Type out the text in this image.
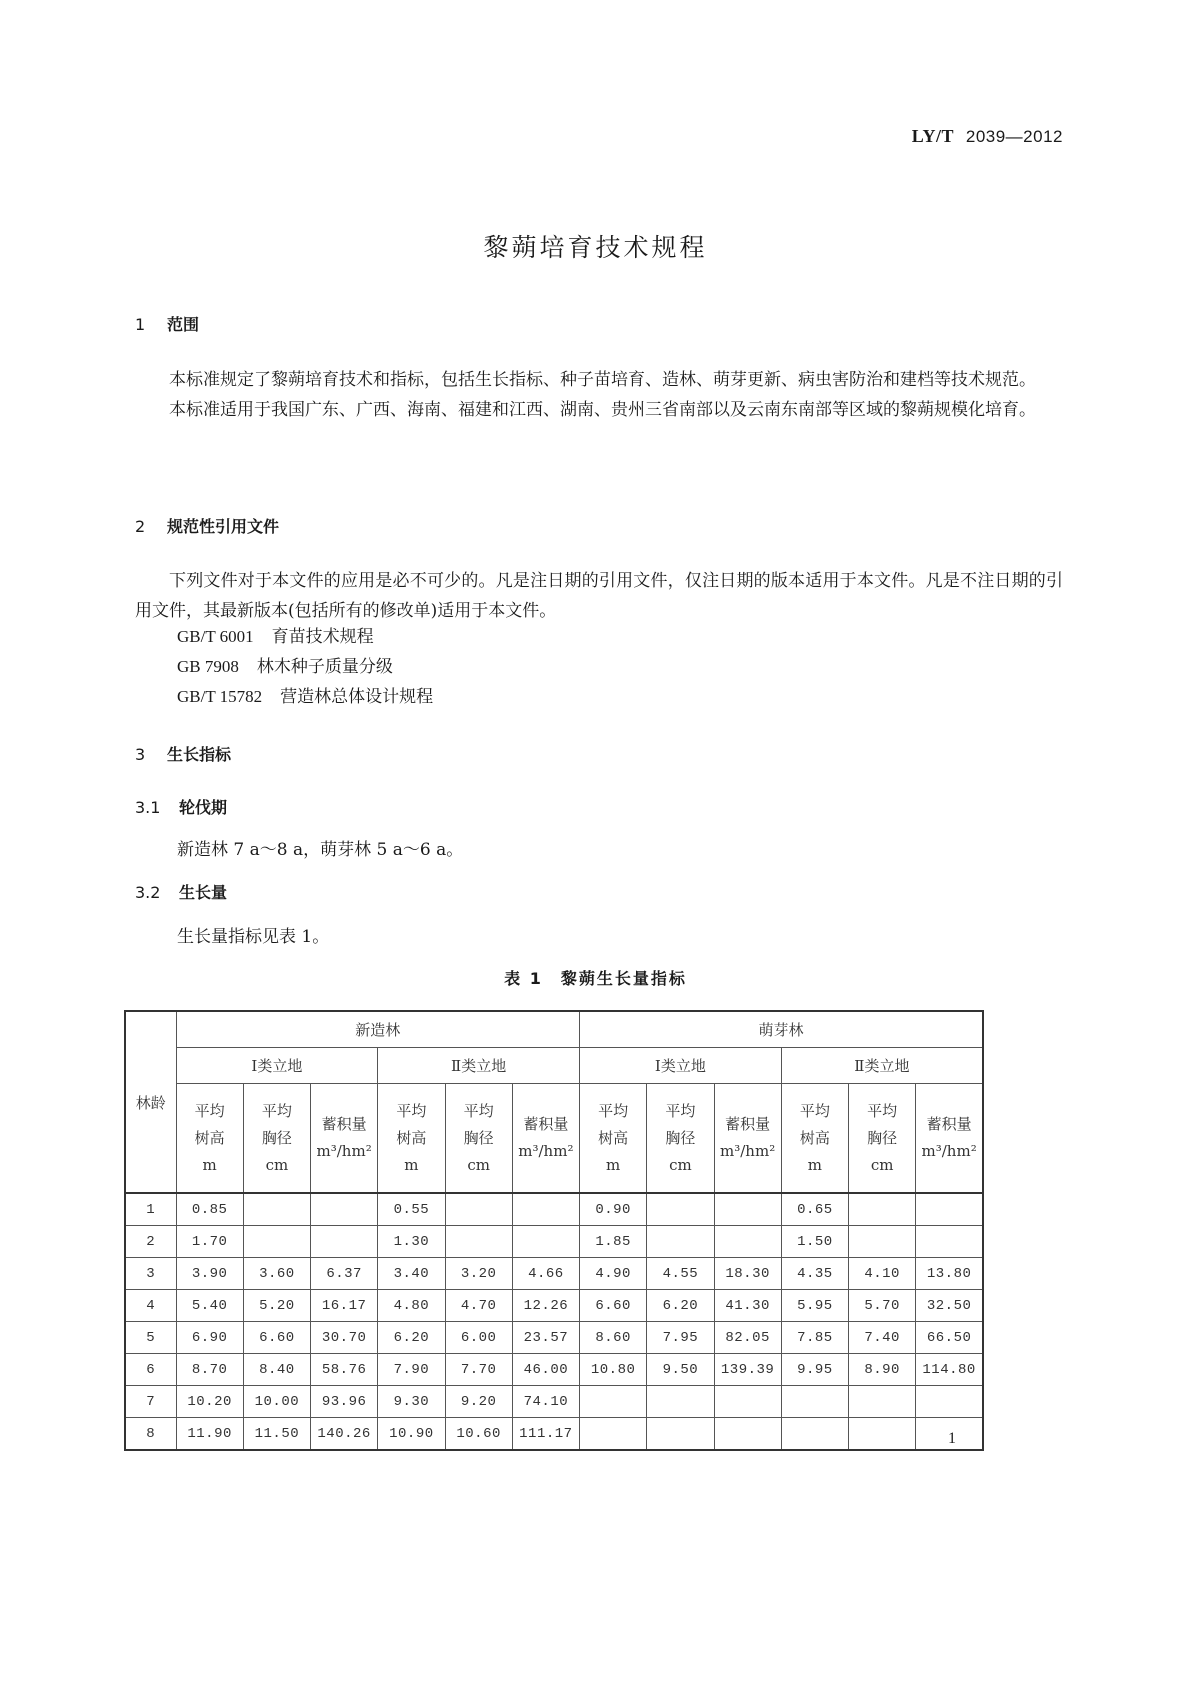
LY/T 2039—2012
黎蒴培育技术规程
1 范围

本标准规定了黎蒴培育技术和指标，包括生长指标、种子苗培育、造林、萌芽更新、病虫害防治和建档等技术规范。

本标准适用于我国广东、广西、海南、福建和江西、湖南、贵州三省南部以及云南东南部等区域的黎蒴规模化培育。

2 规范性引用文件

下列文件对于本文件的应用是必不可少的。凡是注日期的引用文件，仅注日期的版本适用于本文件。凡是不注日期的引用文件，其最新版本(包括所有的修改单)适用于本文件。

GB/T 6001 育苗技术规程
GB 7908 林木种子质量分级
GB/T 15782 营造林总体设计规程
3 生长指标
3.1 轮伐期
新造林 7 a～8 a，萌芽林 5 a～6 a。
3.2 生长量
生长量指标见表 1。
表 1　黎蒴生长量指标
林龄	新造林						萌芽林					
	Ⅰ类立地			Ⅱ类立地			Ⅰ类立地			Ⅱ类立地		
	平均
树高
m	平均
胸径
cm	蓄积量
m³/hm²	平均
树高
m	平均
胸径
cm	蓄积量
m³/hm²	平均
树高
m	平均
胸径
cm	蓄积量
m³/hm²	平均
树高
m	平均
胸径
cm	蓄积量
m³/hm²
1	0.85			0.55			0.90			0.65		
2	1.70			1.30			1.85			1.50		
3	3.90	3.60	6.37	3.40	3.20	4.66	4.90	4.55	18.30	4.35	4.10	13.80
4	5.40	5.20	16.17	4.80	4.70	12.26	6.60	6.20	41.30	5.95	5.70	32.50
5	6.90	6.60	30.70	6.20	6.00	23.57	8.60	7.95	82.05	7.85	7.40	66.50
6	8.70	8.40	58.76	7.90	7.70	46.00	10.80	9.50	139.39	9.95	8.90	114.80
7	10.20	10.00	93.96	9.30	9.20	74.10						
8	11.90	11.50	140.26	10.90	10.60	111.17							1
